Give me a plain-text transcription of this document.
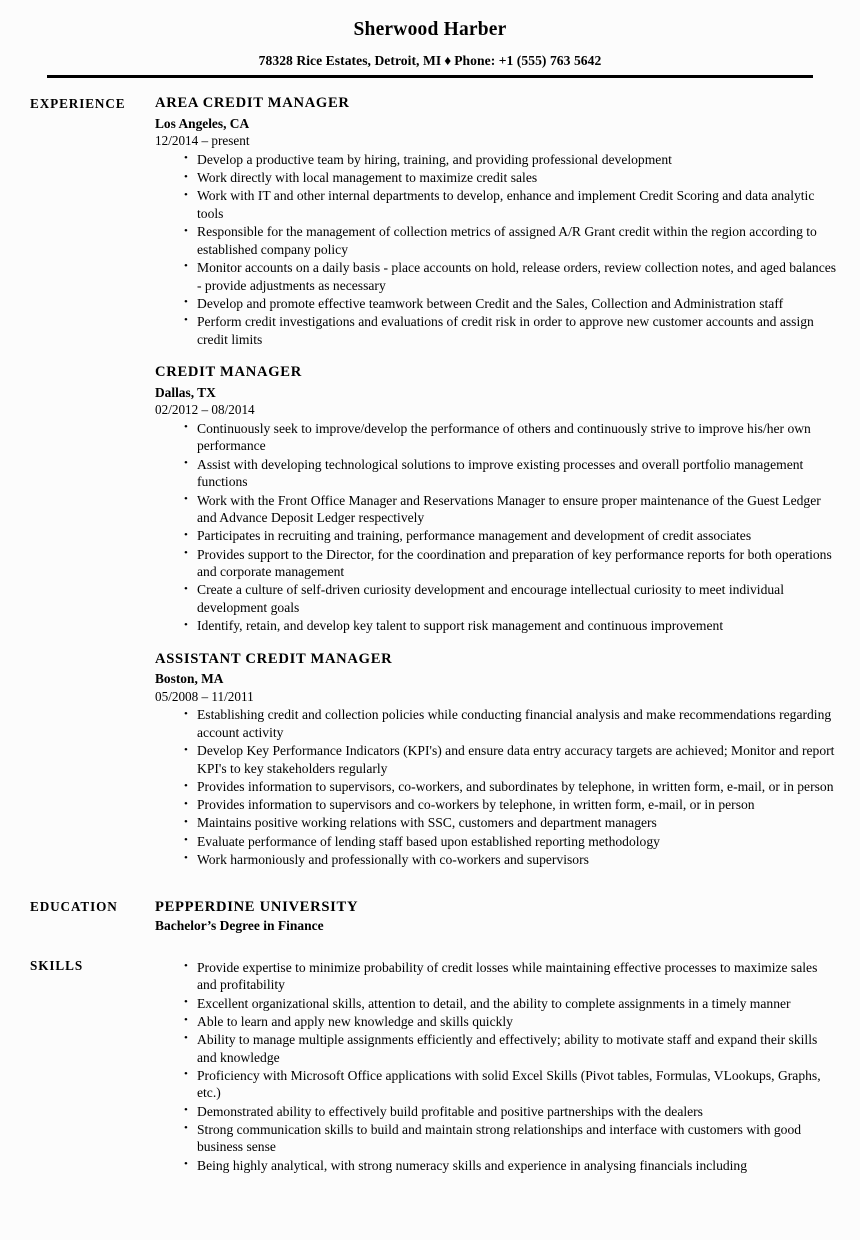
Sherwood Harber
78328 Rice Estates, Detroit, MI ♦ Phone: +1 (555) 763 5642
EXPERIENCE	AREA CREDIT MANAGER
Los Angeles, CA
12/2014 – present
• Develop a productive team by hiring, training, and providing professional development
• Work directly with local management to maximize credit sales
• Work with IT and other internal departments to develop, enhance and implement Credit Scoring and data analytic tools
• Responsible for the management of collection metrics of assigned A/R Grant credit within the region according to established company policy
• Monitor accounts on a daily basis - place accounts on hold, release orders, review collection notes, and aged balances - provide adjustments as necessary
• Develop and promote effective teamwork between Credit and the Sales, Collection and Administration staff
• Perform credit investigations and evaluations of credit risk in order to approve new customer accounts and assign credit limits
CREDIT MANAGER
Dallas, TX
02/2012 – 08/2014
• Continuously seek to improve/develop the performance of others and continuously strive to improve his/her own performance
• Assist with developing technological solutions to improve existing processes and overall portfolio management functions
• Work with the Front Office Manager and Reservations Manager to ensure proper maintenance of the Guest Ledger and Advance Deposit Ledger respectively
• Participates in recruiting and training, performance management and development of credit associates
• Provides support to the Director, for the coordination and preparation of key performance reports for both operations and corporate management
• Create a culture of self-driven curiosity development and encourage intellectual curiosity to meet individual development goals
• Identify, retain, and develop key talent to support risk management and continuous improvement
ASSISTANT CREDIT MANAGER
Boston, MA
05/2008 – 11/2011
• Establishing credit and collection policies while conducting financial analysis and make recommendations regarding account activity
• Develop Key Performance Indicators (KPI's) and ensure data entry accuracy targets are achieved; Monitor and report KPI's to key stakeholders regularly
• Provides information to supervisors, co-workers, and subordinates by telephone, in written form, e-mail, or in person
• Provides information to supervisors and co-workers by telephone, in written form, e-mail, or in person
• Maintains positive working relations with SSC, customers and department managers
• Evaluate performance of lending staff based upon established reporting methodology
• Work harmoniously and professionally with co-workers and supervisors
EDUCATION	PEPPERDINE UNIVERSITY
Bachelor’s Degree in Finance
SKILLS	• Provide expertise to minimize probability of credit losses while maintaining effective processes to maximize sales and profitability
• Excellent organizational skills, attention to detail, and the ability to complete assignments in a timely manner
• Able to learn and apply new knowledge and skills quickly
• Ability to manage multiple assignments efficiently and effectively; ability to motivate staff and expand their skills and knowledge
• Proficiency with Microsoft Office applications with solid Excel Skills (Pivot tables, Formulas, VLookups, Graphs, etc.)
• Demonstrated ability to effectively build profitable and positive partnerships with the dealers
• Strong communication skills to build and maintain strong relationships and interface with customers with good business sense
• Being highly analytical, with strong numeracy skills and experience in analysing financials including
